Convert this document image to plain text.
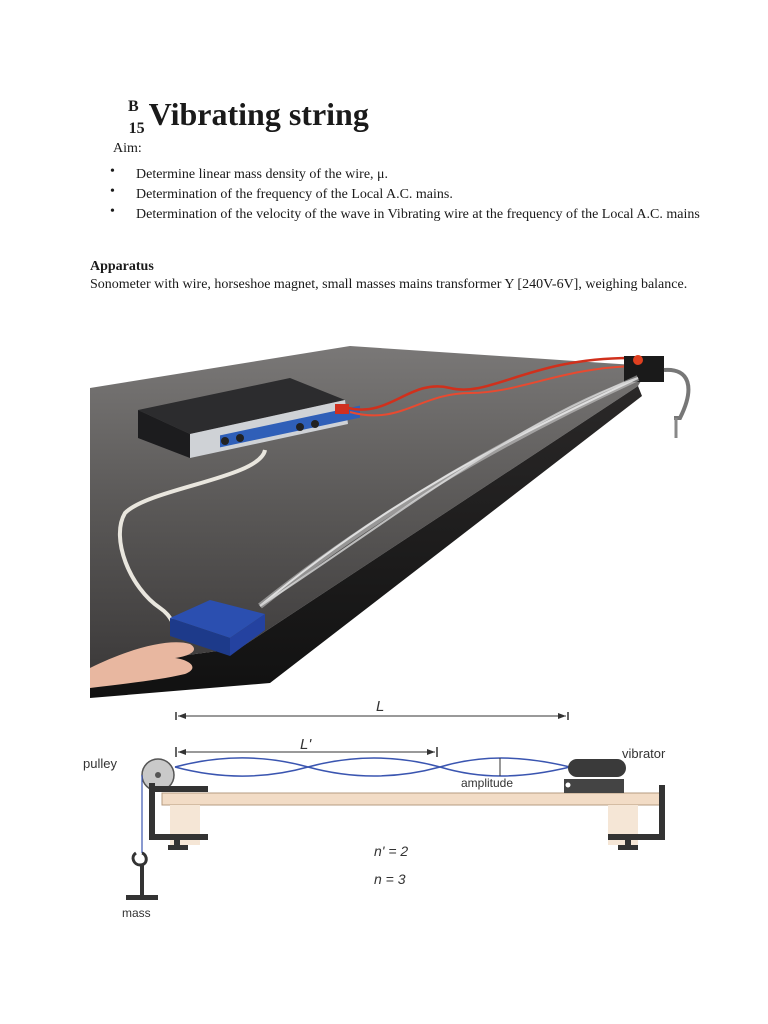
$^B_{15}$ Vibrating string
Aim:
• Determine linear mass density of the wire, μ.
• Determination of the frequency of the Local A.C. mains.
• Determination of the velocity of the wave in Vibrating wire at the frequency of the Local A.C. mains
Apparatus
Sonometer with wire, horseshoe magnet, small masses mains transformer Y [240V-6V], weighing balance.
L
L'
amplitude
pulley
vibrator
mass
n' = 2
n = 3
